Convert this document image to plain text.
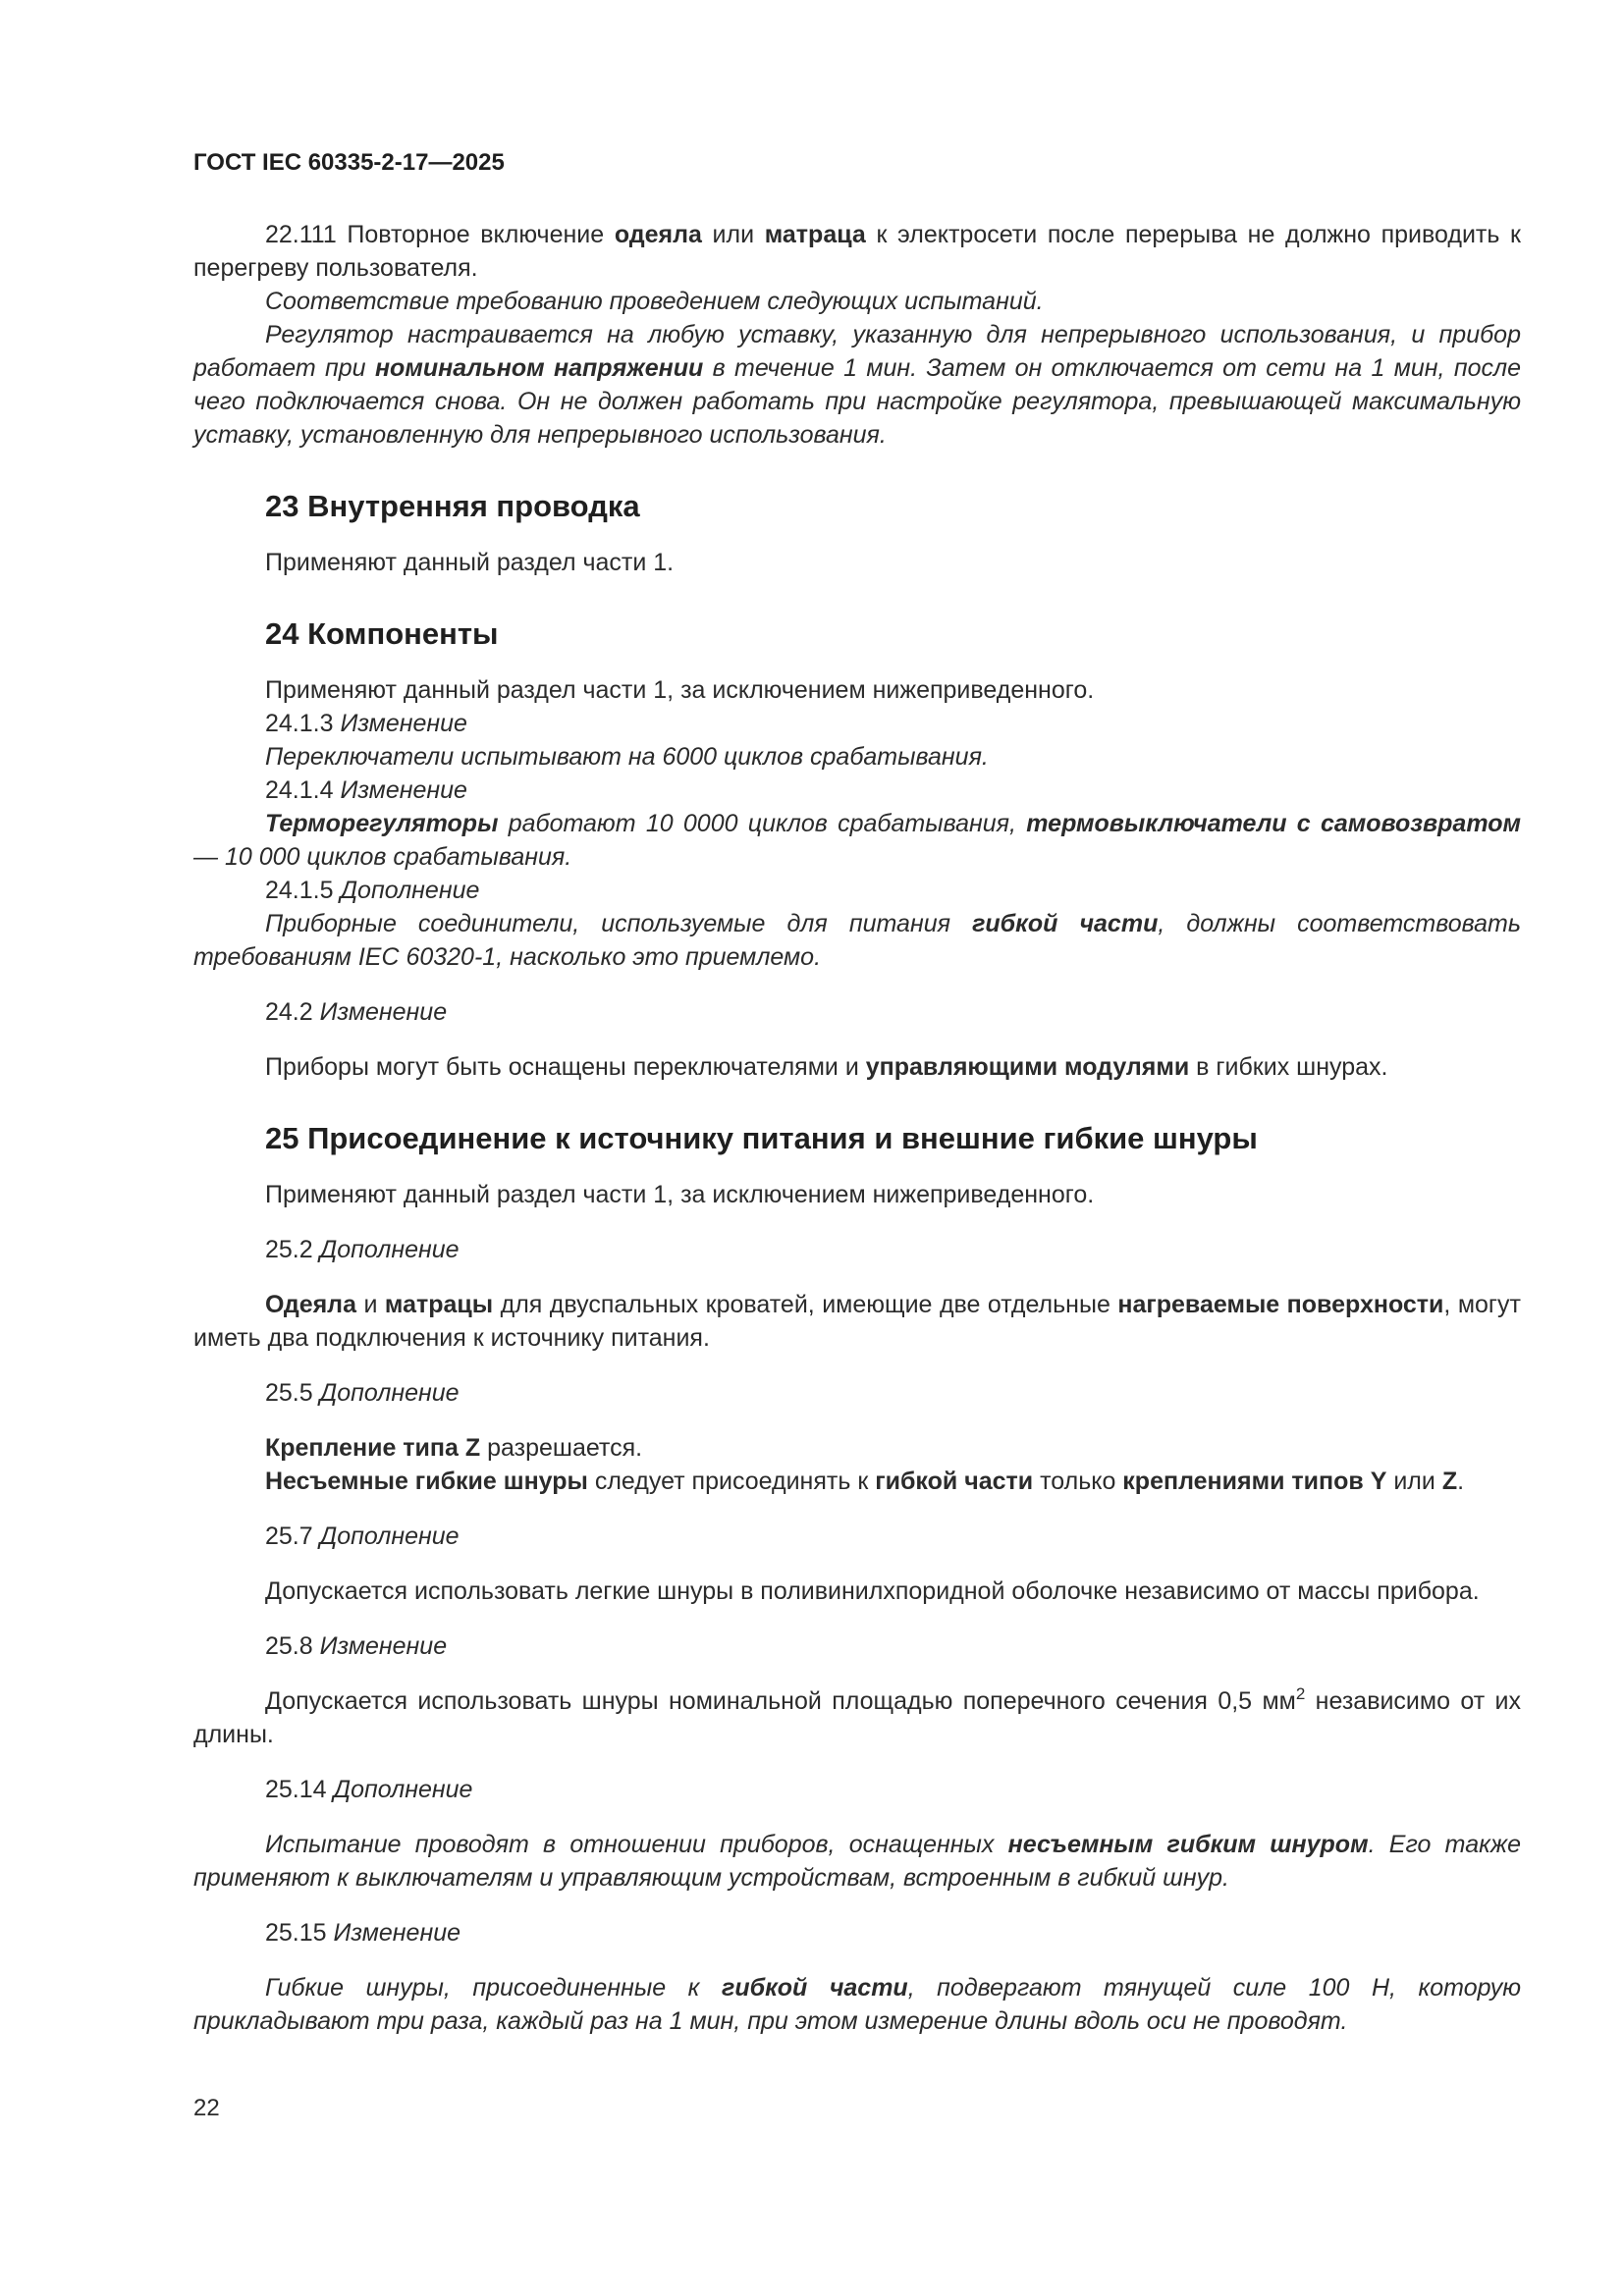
ГОСТ IEC 60335-2-17—2025

22.111 Повторное включение одеяла или матраца к электросети после перерыва не должно приводить к перегреву пользователя.

Соответствие требованию проведением следующих испытаний.

Регулятор настраивается на любую уставку, указанную для непрерывного использования, и прибор работает при номинальном напряжении в течение 1 мин. Затем он отключается от сети на 1 мин, после чего подключается снова. Он не должен работать при настройке регулятора, превышающей максимальную уставку, установленную для непрерывного использования.

23 Внутренняя проводка

Применяют данный раздел части 1.

24 Компоненты

Применяют данный раздел части 1, за исключением нижеприведенного.

24.1.3 Изменение

Переключатели испытывают на 6000 циклов срабатывания.

24.1.4 Изменение

Терморегуляторы работают 10 0000 циклов срабатывания, термовыключатели с самовозвратом — 10 000 циклов срабатывания.

24.1.5 Дополнение

Приборные соединители, используемые для питания гибкой части, должны соответствовать требованиям IEC 60320-1, насколько это приемлемо.

24.2 Изменение

Приборы могут быть оснащены переключателями и управляющими модулями в гибких шнурах.

25 Присоединение к источнику питания и внешние гибкие шнуры

Применяют данный раздел части 1, за исключением нижеприведенного.

25.2 Дополнение

Одеяла и матрацы для двуспальных кроватей, имеющие две отдельные нагреваемые поверхности, могут иметь два подключения к источнику питания.

25.5 Дополнение

Крепление типа Z разрешается.

Несъемные гибкие шнуры следует присоединять к гибкой части только креплениями типов Y или Z.

25.7 Дополнение

Допускается использовать легкие шнуры в поливинилхпоридной оболочке независимо от массы прибора.

25.8 Изменение

Допускается использовать шнуры номинальной площадью поперечного сечения 0,5 $мм^2$ независимо от их длины.

25.14 Дополнение

Испытание проводят в отношении приборов, оснащенных несъемным гибким шнуром. Его также применяют к выключателям и управляющим устройствам, встроенным в гибкий шнур.

25.15 Изменение

Гибкие шнуры, присоединенные к гибкой части, подвергают тянущей силе 100 Н, которую прикладывают три раза, каждый раз на 1 мин, при этом измерение длины вдоль оси не проводят.

22
